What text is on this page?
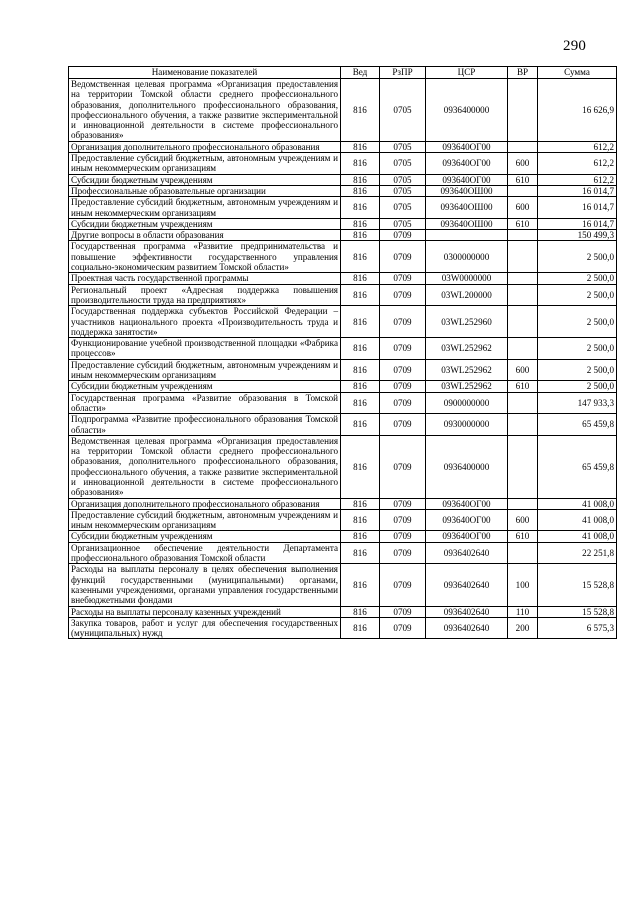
290
Наименование показателей	Вед	РзПР	ЦСР	ВР	Сумма
Ведомственная целевая программа «Организация предоставления на территории Томской области среднего профессионального образования, дополнительного профессионального образования, профессионального обучения, а также развитие экспериментальной и инновационной деятельности в системе профессионального образования»	816	0705	0936400000		16 626,9
Организация дополнительного профессионального образования	816	0705	093640ОГ00		612,2
Предоставление субсидий бюджетным, автономным учреждениям и иным некоммерческим организациям	816	0705	093640ОГ00	600	612,2
Субсидии бюджетным учреждениям	816	0705	093640ОГ00	610	612,2
Профессиональные образовательные организации	816	0705	093640ОШ00		16 014,7
Предоставление субсидий бюджетным, автономным учреждениям и иным некоммерческим организациям	816	0705	093640ОШ00	600	16 014,7
Субсидии бюджетным учреждениям	816	0705	093640ОШ00	610	16 014,7
Другие вопросы в области образования	816	0709			150 499,3
Государственная программа «Развитие предпринимательства и повышение эффективности государственного управления социально-экономическим развитием Томской области»	816	0709	0300000000		2 500,0
Проектная часть государственной программы	816	0709	03W0000000		2 500,0
Региональный проект «Адресная поддержка повышения производительности труда на предприятиях»	816	0709	03WL200000		2 500,0
Государственная поддержка субъектов Российской Федерации – участников национального проекта «Производительность труда и поддержка занятости»	816	0709	03WL252960		2 500,0
Функционирование учебной производственной площадки «Фабрика процессов»	816	0709	03WL252962		2 500,0
Предоставление субсидий бюджетным, автономным учреждениям и иным некоммерческим организациям	816	0709	03WL252962	600	2 500,0
Субсидии бюджетным учреждениям	816	0709	03WL252962	610	2 500,0
Государственная программа «Развитие образования в Томской области»	816	0709	0900000000		147 933,3
Подпрограмма «Развитие профессионального образования Томской области»	816	0709	0930000000		65 459,8
Ведомственная целевая программа «Организация предоставления на территории Томской области среднего профессионального образования, дополнительного профессионального образования, профессионального обучения, а также развитие экспериментальной и инновационной деятельности в системе профессионального образования»	816	0709	0936400000		65 459,8
Организация дополнительного профессионального образования	816	0709	093640ОГ00		41 008,0
Предоставление субсидий бюджетным, автономным учреждениям и иным некоммерческим организациям	816	0709	093640ОГ00	600	41 008,0
Субсидии бюджетным учреждениям	816	0709	093640ОГ00	610	41 008,0
Организационное обеспечение деятельности Департамента профессионального образования Томской области	816	0709	0936402640		22 251,8
Расходы на выплаты персоналу в целях обеспечения выполнения функций государственными (муниципальными) органами, казенными учреждениями, органами управления государственными внебюджетными фондами	816	0709	0936402640	100	15 528,8
Расходы на выплаты персоналу казенных учреждений	816	0709	0936402640	110	15 528,8
Закупка товаров, работ и услуг для обеспечения государственных (муниципальных) нужд	816	0709	0936402640	200	6 575,3
